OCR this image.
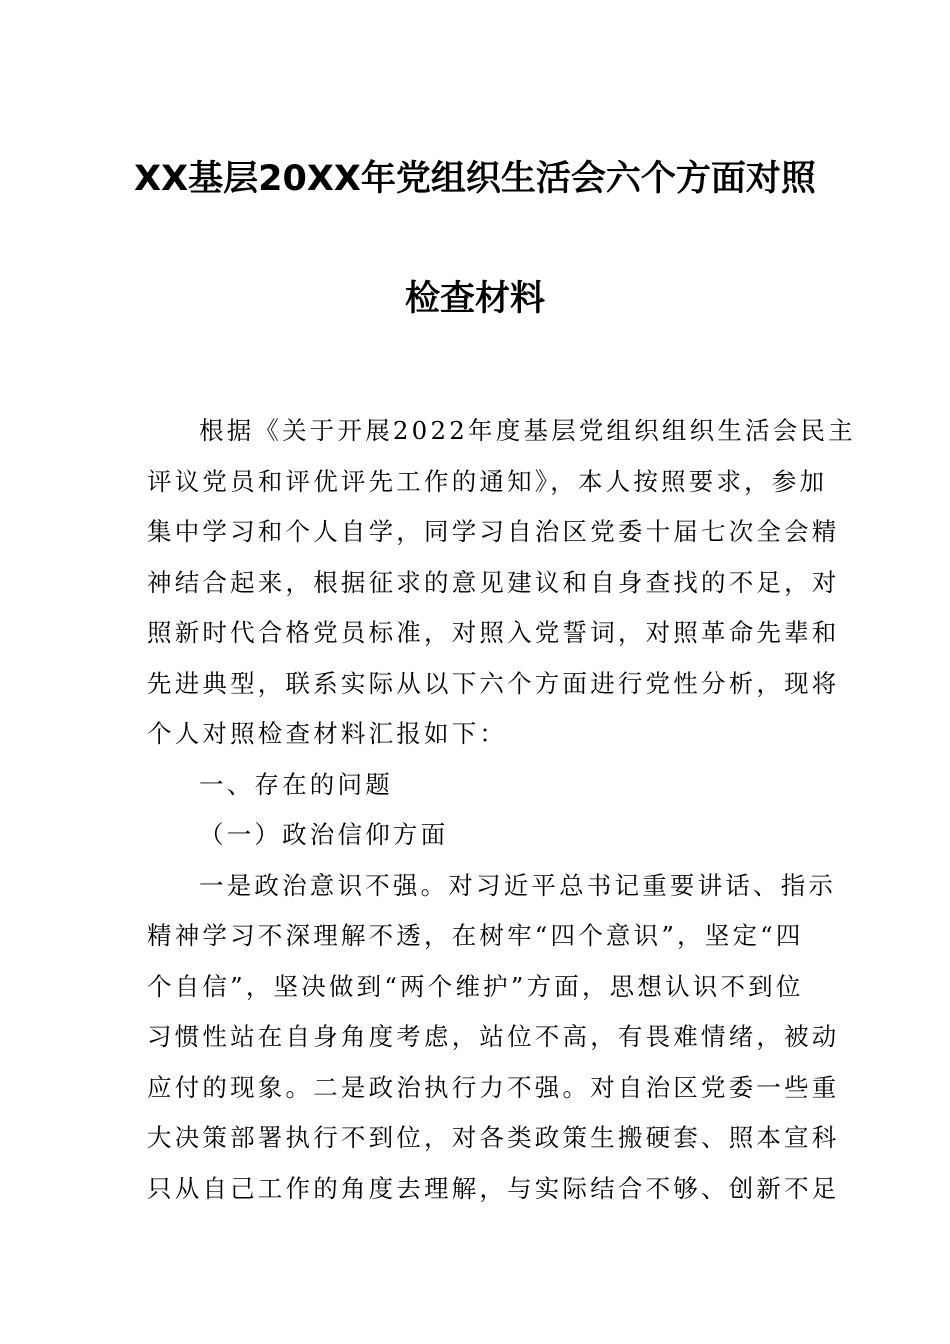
XX基层20XX年党组织生活会六个方面对照
检查材料

根据《关于开展2022年度基层党组织组织生活会民主

评议党员和评优评先工作的通知》，本人按照要求，参加

集中学习和个人自学，同学习自治区党委十届七次全会精

神结合起来，根据征求的意见建议和自身查找的不足，对

照新时代合格党员标准，对照入党誓词，对照革命先辈和

先进典型，联系实际从以下六个方面进行党性分析，现将

个人对照检查材料汇报如下：

一、存在的问题

（一）政治信仰方面

一是政治意识不强。对习近平总书记重要讲话、指示

精神学习不深理解不透，在树牢“四个意识”，坚定“四

个自信”，坚决做到“两个维护”方面，思想认识不到位

习惯性站在自身角度考虑，站位不高，有畏难情绪，被动

应付的现象。二是政治执行力不强。对自治区党委一些重

大决策部署执行不到位，对各类政策生搬硬套、照本宣科

只从自己工作的角度去理解，与实际结合不够、创新不足
